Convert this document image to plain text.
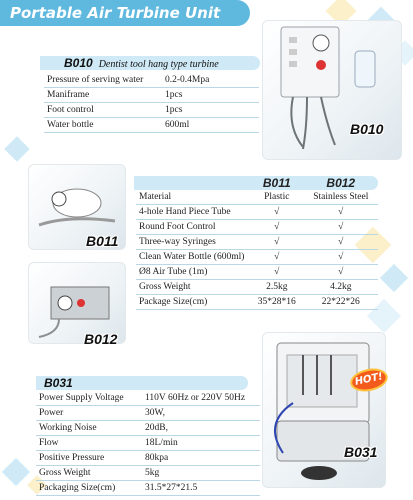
Portable Air Turbine Unit
B010 Dentist tool hang type turbine
Pressure of serving water	0.2-0.4Mpa
Maniframe	1pcs
Foot control	1pcs
Water bottle	600ml	B010
B011
B012
	B011	B012
Material	Plastic	Stainless Steel
4-hole Hand Piece Tube	√	√
Round Foot Control	√	√
Three-way Syringes	√	√
Clean Water Bottle (600ml)	√	√
Ø8 Air Tube (1m)	√	√
Gross Weight	2.5kg	4.2kg
Package Size(cm)	35*28*16	22*22*26
B031
Power Supply Voltage	110V 60Hz or 220V 50Hz
Power	30W,
Working Noise	20dB,
Flow	18L/min
Positive Pressure	80kpa
Gross Weight	5kg
Packaging Size(cm)	31.5*27*21.5
HOT!
B031
